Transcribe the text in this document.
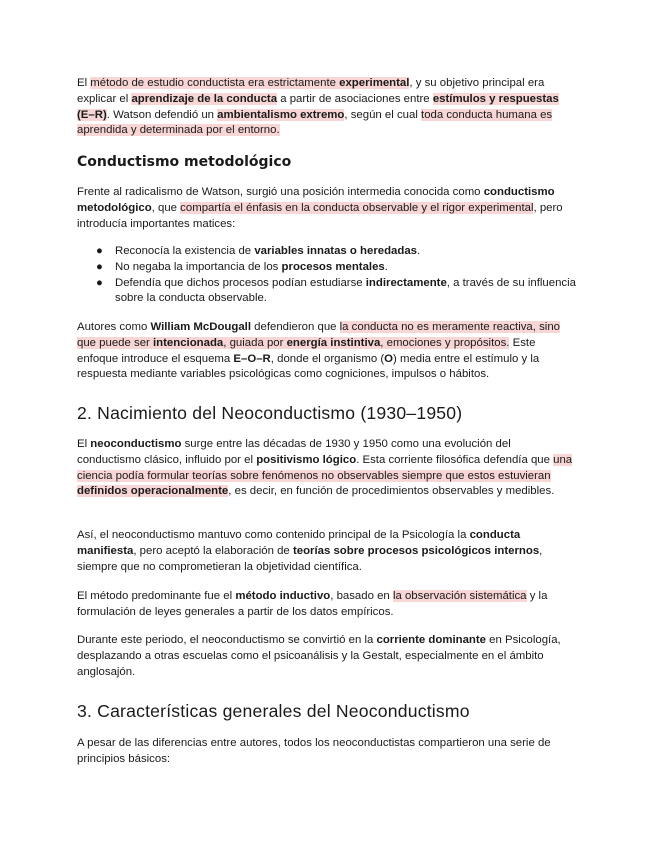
El método de estudio conductista era estrictamente experimental, y su objetivo principal era explicar el aprendizaje de la conducta a partir de asociaciones entre estímulos y respuestas (E–R). Watson defendió un ambientalismo extremo, según el cual toda conducta humana es aprendida y determinada por el entorno.

Conductismo metodológico

Frente al radicalismo de Watson, surgió una posición intermedia conocida como conductismo metodológico, que compartía el énfasis en la conducta observable y el rigor experimental, pero introducía importantes matices:

● Reconocía la existencia de variables innatas o heredadas.
● No negaba la importancia de los procesos mentales.
● Defendía que dichos procesos podían estudiarse indirectamente, a través de su influencia sobre la conducta observable.

Autores como William McDougall defendieron que la conducta no es meramente reactiva, sino que puede ser intencionada, guiada por energía instintiva, emociones y propósitos. Este enfoque introduce el esquema E–O–R, donde el organismo (O) media entre el estímulo y la respuesta mediante variables psicológicas como cogniciones, impulsos o hábitos.

2. Nacimiento del Neoconductismo (1930–1950)

El neoconductismo surge entre las décadas de 1930 y 1950 como una evolución del conductismo clásico, influido por el positivismo lógico. Esta corriente filosófica defendía que una ciencia podía formular teorías sobre fenómenos no observables siempre que estos estuvieran definidos operacionalmente, es decir, en función de procedimientos observables y medibles.

Así, el neoconductismo mantuvo como contenido principal de la Psicología la conducta manifiesta, pero aceptó la elaboración de teorías sobre procesos psicológicos internos, siempre que no comprometieran la objetividad científica.

El método predominante fue el método inductivo, basado en la observación sistemática y la formulación de leyes generales a partir de los datos empíricos.

Durante este periodo, el neoconductismo se convirtió en la corriente dominante en Psicología, desplazando a otras escuelas como el psicoanálisis y la Gestalt, especialmente en el ámbito anglosajón.

3. Características generales del Neoconductismo

A pesar de las diferencias entre autores, todos los neoconductistas compartieron una serie de principios básicos:
